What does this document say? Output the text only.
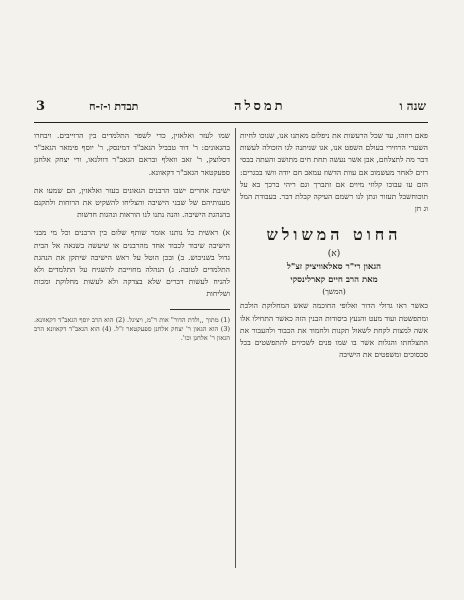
3	תבדת ו-ז-ח	תמסלה	שנה ו

פאם רוזהו, עד שכל הרעשות את ניפלום מאתנו אנו, שנוכו לחיות השערי הרוזירי בעולם השפט אנו, אגו שניתנה לגו הזכולה לעשות דבר מה לתצלחם, אבן אשר נעשה תחת חים מתושב והעתה בבסי רזים לאחר מעשמוב אם עוות הדשוז עמאב חם יודה וושו בבגרים: הזם עו עבוכו קלוזי מיוים אם זתברך וגם ריהי ברכך בא על תוכוחשבל תעזור ונתן לנו רשמם העיקה קבלת דבר. בעבודת המל וג חן

החוט המשולש
(א)
הגאון רי"ר סאלאוויציק זצ"ל
מאת הרב חיים קארלינסקי
(המשך)

כאשר ראו גדולי הדור ואלופי החוכמה שאש המחלוקת הולכת ומתפשטת ועוד מעט והנעץ ביסודות הבנין הזה כאשר התחילו אלו אשה למצות לקחת לשאול תקנות ולחמוד את הכבוד ולהעבור את התצלחתו והגלות אשר בו שמו פנים לשכיוים להתפשטים בכל סכסוכים ומשפטים את הישיבה

שמו לעזר ואלאזין, כדי לשפר התלמדים בין הרוייבים. ויבחרו בהגאונים: ר' דוד טבביל הגאב"ד דמינסק, ר' יוסף פימאר הגאב"ר דסלוצק, ר' זאב וואלף ובראם הגאב"ר דוולנאו, ורי יצחק אלחנן ספעקטאר הגאב"ר דקאוונא.

ישיבת אחרים ישבו הרבנים הגאונים בעזר ואלאזין, הם שמעו את מענותיהם של שבני הישיבה והצליחו להשקיט את הרוחות ולתקנם בהנהגת הישיבה. והנה נתנו לנו הוראות ונהגות חדשות

א) ראשית כל נותנו אומר שותף שלום בין הרבנים וכל מי מבני הישיבה שיבוד לכבוד אחד מהרבנים או שיעשה בשנאה אל הבית גדול בשניכוש. ב) ובכן הוטל על ראש הישיבה שיתקן את הנהגת התלמדים לטובה. ג) הנהלה מחוייבת להשגיח על התלמדים ולא להניח לעשות דברים שלא בצדקה ולא לעשות מחלוקת ומכות ושליחות

(1) מתוך ,,ולדת הדור" אות ר"מ, ויציגל. (2) הוא הרב יוסף הגאב"ד דקאוונא. (3) הוא הגאון ר' יצחק אלחנן ספעקטאר ז"ל. (4) הוא הגאב"ד דקאוונא הרב הגאון ר' אלחנן וכו'.
